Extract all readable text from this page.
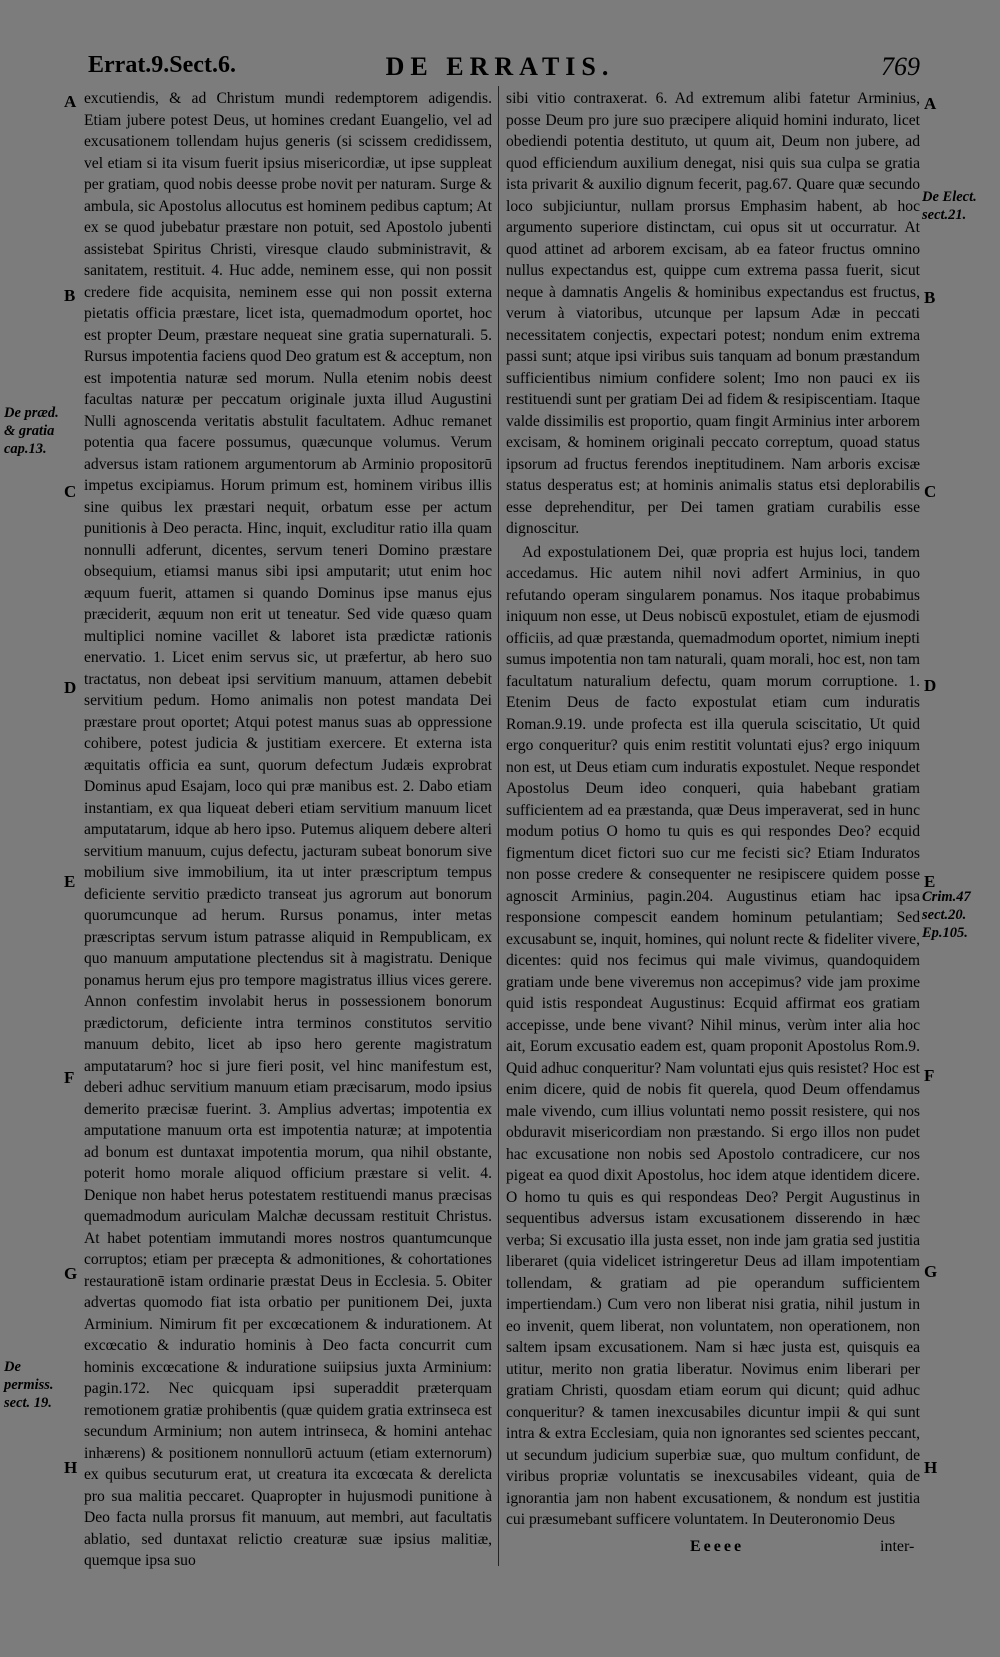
Errat.9.Sect.6.	DE ERRATIS.	769

excutiendis, & ad Christum mundi redemptorem adigendis. Etiam jubere potest Deus, ut homines credant Euangelio, vel ad excusationem tollendam hujus generis (si scissem credidissem, vel etiam si ita visum fuerit ipsius misericordiæ, ut ipse suppleat per gratiam, quod nobis deesse probe novit per naturam. Surge & ambula, sic Apostolus allocutus est hominem pedibus captum; At ex se quod jubebatur præstare non potuit, sed Apostolo jubenti assistebat Spiritus Christi, viresque claudo subministravit, & sanitatem, restituit. 4. Huc adde, neminem esse, qui non possit credere fide acquisita, neminem esse qui non possit externa pietatis officia præstare, licet ista, quemadmodum oportet, hoc est propter Deum, præstare nequeat sine gratia supernaturali. 5. Rursus impotentia faciens quod Deo gratum est & acceptum, non est impotentia naturæ sed morum. Nulla etenim nobis deest facultas naturæ per peccatum originale juxta illud Augustini Nulli agnoscenda veritatis abstulit facultatem. Adhuc remanet potentia qua facere possumus, quæcunque volumus. Verum adversus istam rationem argumentorum ab Arminio propositorū impetus excipiamus. Horum primum est, hominem viribus illis sine quibus lex præstari nequit, orbatum esse per actum punitionis à Deo peracta. Hinc, inquit, excluditur ratio illa quam nonnulli adferunt, dicentes, servum teneri Domino præstare obsequium, etiamsi manus sibi ipsi amputarit; utut enim hoc æquum fuerit, attamen si quando Dominus ipse manus ejus præciderit, æquum non erit ut teneatur. Sed vide quæso quam multiplici nomine vacillet & laboret ista prædictæ rationis enervatio. 1. Licet enim servus sic, ut præfertur, ab hero suo tractatus, non debeat ipsi servitium manuum, attamen debebit servitium pedum. Homo animalis non potest mandata Dei præstare prout oportet; Atqui potest manus suas ab oppressione cohibere, potest judicia & justitiam exercere. Et externa ista æquitatis officia ea sunt, quorum defectum Judæis exprobrat Dominus apud Esajam, loco qui præ manibus est. 2. Dabo etiam instantiam, ex qua liqueat deberi etiam servitium manuum licet amputatarum, idque ab hero ipso. Putemus aliquem debere alteri servitium manuum, cujus defectu, jacturam subeat bonorum sive mobilium sive immobilium, ita ut inter præscriptum tempus deficiente servitio prædicto transeat jus agrorum aut bonorum quorumcunque ad herum. Rursus ponamus, inter metas præscriptas servum istum patrasse aliquid in Rempublicam, ex quo manuum amputatione plectendus sit à magistratu. Denique ponamus herum ejus pro tempore magistratus illius vices gerere. Annon confestim involabit herus in possessionem bonorum prædictorum, deficiente intra terminos constitutos servitio manuum debito, licet ab ipso hero gerente magistratum amputatarum? hoc si jure fieri posit, vel hinc manifestum est, deberi adhuc servitium manuum etiam præcisarum, modo ipsius demerito præcisæ fuerint. 3. Amplius advertas; impotentia ex amputatione manuum orta est impotentia naturæ; at impotentia ad bonum est duntaxat impotentia morum, qua nihil obstante, poterit homo morale aliquod officium præstare si velit. 4. Denique non habet herus potestatem restituendi manus præcisas quemadmodum auriculam Malchæ decussam restituit Christus. At habet potentiam immutandi mores nostros quantumcunque corruptos; etiam per præcepta & admonitiones, & cohortationes restaurationē istam ordinarie præstat Deus in Ecclesia. 5. Obiter advertas quomodo fiat ista orbatio per punitionem Dei, juxta Arminium. Nimirum fit per excœcationem & indurationem. At excœcatio & induratio hominis à Deo facta concurrit cum hominis excœcatione & induratione suiipsius juxta Arminium: pagin.172. Nec quicquam ipsi superaddit præterquam remotionem gratiæ prohibentis (quæ quidem gratia extrinseca est secundum Arminium; non autem intrinseca, & homini antehac inhærens) & positionem nonnullorū actuum (etiam externorum) ex quibus secuturum erat, ut creatura ita excœcata & derelicta pro sua malitia peccaret. Quapropter in hujusmodi punitione à Deo facta nulla prorsus fit manuum, aut membri, aut facultatis ablatio, sed duntaxat relictio creaturæ suæ ipsius malitiæ, quemque ipsa suo

sibi vitio contraxerat. 6. Ad extremum alibi fatetur Arminius, posse Deum pro jure suo præcipere aliquid homini indurato, licet obediendi potentia destituto, ut quum ait, Deum non jubere, ad quod efficiendum auxilium denegat, nisi quis sua culpa se gratia ista privarit & auxilio dignum fecerit, pag.67. Quare quæ secundo loco subjiciuntur, nullam prorsus Emphasim habent, ab hoc argumento superiore distinctam, cui opus sit ut occurratur. At quod attinet ad arborem excisam, ab ea fateor fructus omnino nullus expectandus est, quippe cum extrema passa fuerit, sicut neque à damnatis Angelis & hominibus expectandus est fructus, verum à viatoribus, utcunque per lapsum Adæ in peccati necessitatem conjectis, expectari potest; nondum enim extrema passi sunt; atque ipsi viribus suis tanquam ad bonum præstandum sufficientibus nimium confidere solent; Imo non pauci ex iis restituendi sunt per gratiam Dei ad fidem & resipiscentiam. Itaque valde dissimilis est proportio, quam fingit Arminius inter arborem excisam, & hominem originali peccato correptum, quoad status ipsorum ad fructus ferendos ineptitudinem. Nam arboris excisæ status desperatus est; at hominis animalis status etsi deplorabilis esse deprehenditur, per Dei tamen gratiam curabilis esse dignoscitur.

Ad expostulationem Dei, quæ propria est hujus loci, tandem accedamus. Hic autem nihil novi adfert Arminius, in quo refutando operam singularem ponamus. Nos itaque probabimus iniquum non esse, ut Deus nobiscū expostulet, etiam de ejusmodi officiis, ad quæ præstanda, quemadmodum oportet, nimium inepti sumus impotentia non tam naturali, quam morali, hoc est, non tam facultatum naturalium defectu, quam morum corruptione. 1. Etenim Deus de facto expostulat etiam cum induratis Roman.9.19. unde profecta est illa querula sciscitatio, Ut quid ergo conqueritur? quis enim restitit voluntati ejus? ergo iniquum non est, ut Deus etiam cum induratis expostulet. Neque respondet Apostolus Deum ideo conqueri, quia habebant gratiam sufficientem ad ea præstanda, quæ Deus imperaverat, sed in hunc modum potius O homo tu quis es qui respondes Deo? ecquid figmentum dicet fictori suo cur me fecisti sic? Etiam Induratos non posse credere & consequenter ne resipiscere quidem posse agnoscit Arminius, pagin.204. Augustinus etiam hac ipsa responsione compescit eandem hominum petulantiam; Sed excusabunt se, inquit, homines, qui nolunt recte & fideliter vivere, dicentes: quid nos fecimus qui male vivimus, quandoquidem gratiam unde bene viveremus non accepimus? vide jam proxime quid istis respondeat Augustinus: Ecquid affirmat eos gratiam accepisse, unde bene vivant? Nihil minus, verùm inter alia hoc ait, Eorum excusatio eadem est, quam proponit Apostolus Rom.9. Quid adhuc conqueritur? Nam voluntati ejus quis resistet? Hoc est enim dicere, quid de nobis fit querela, quod Deum offendamus male vivendo, cum illius voluntati nemo possit resistere, qui nos obduravit misericordiam non præstando. Si ergo illos non pudet hac excusatione non nobis sed Apostolo contradicere, cur nos pigeat ea quod dixit Apostolus, hoc idem atque identidem dicere. O homo tu quis es qui respondeas Deo? Pergit Augustinus in sequentibus adversus istam excusationem disserendo in hæc verba; Si excusatio illa justa esset, non inde jam gratia sed justitia liberaret (quia videlicet istringeretur Deus ad illam impotentiam tollendam, & gratiam ad pie operandum sufficientem impertiendam.) Cum vero non liberat nisi gratia, nihil justum in eo invenit, quem liberat, non voluntatem, non operationem, non saltem ipsam excusationem. Nam si hæc justa est, quisquis ea utitur, merito non gratia liberatur. Novimus enim liberari per gratiam Christi, quosdam etiam eorum qui dicunt; quid adhuc conqueritur? & tamen inexcusabiles dicuntur impii & qui sunt intra & extra Ecclesiam, quia non ignorantes sed scientes peccant, ut secundum judicium superbiæ suæ, quo multum confidunt, de viribus propriæ voluntatis se inexcusabiles videant, quia de ignorantia jam non habent excusationem, & nondum est justitia cui præsumebant sufficere voluntatem. In Deuteronomio Deus

A
B
C
D
E
F
G
H
A
B
C
D
E
F
G
H
De præd. & gratia cap.13.
De permiss. sect. 19.
De Elect. sect.21.
Crim.47 sect.20. Ep.105.
Eeeee	inter-
